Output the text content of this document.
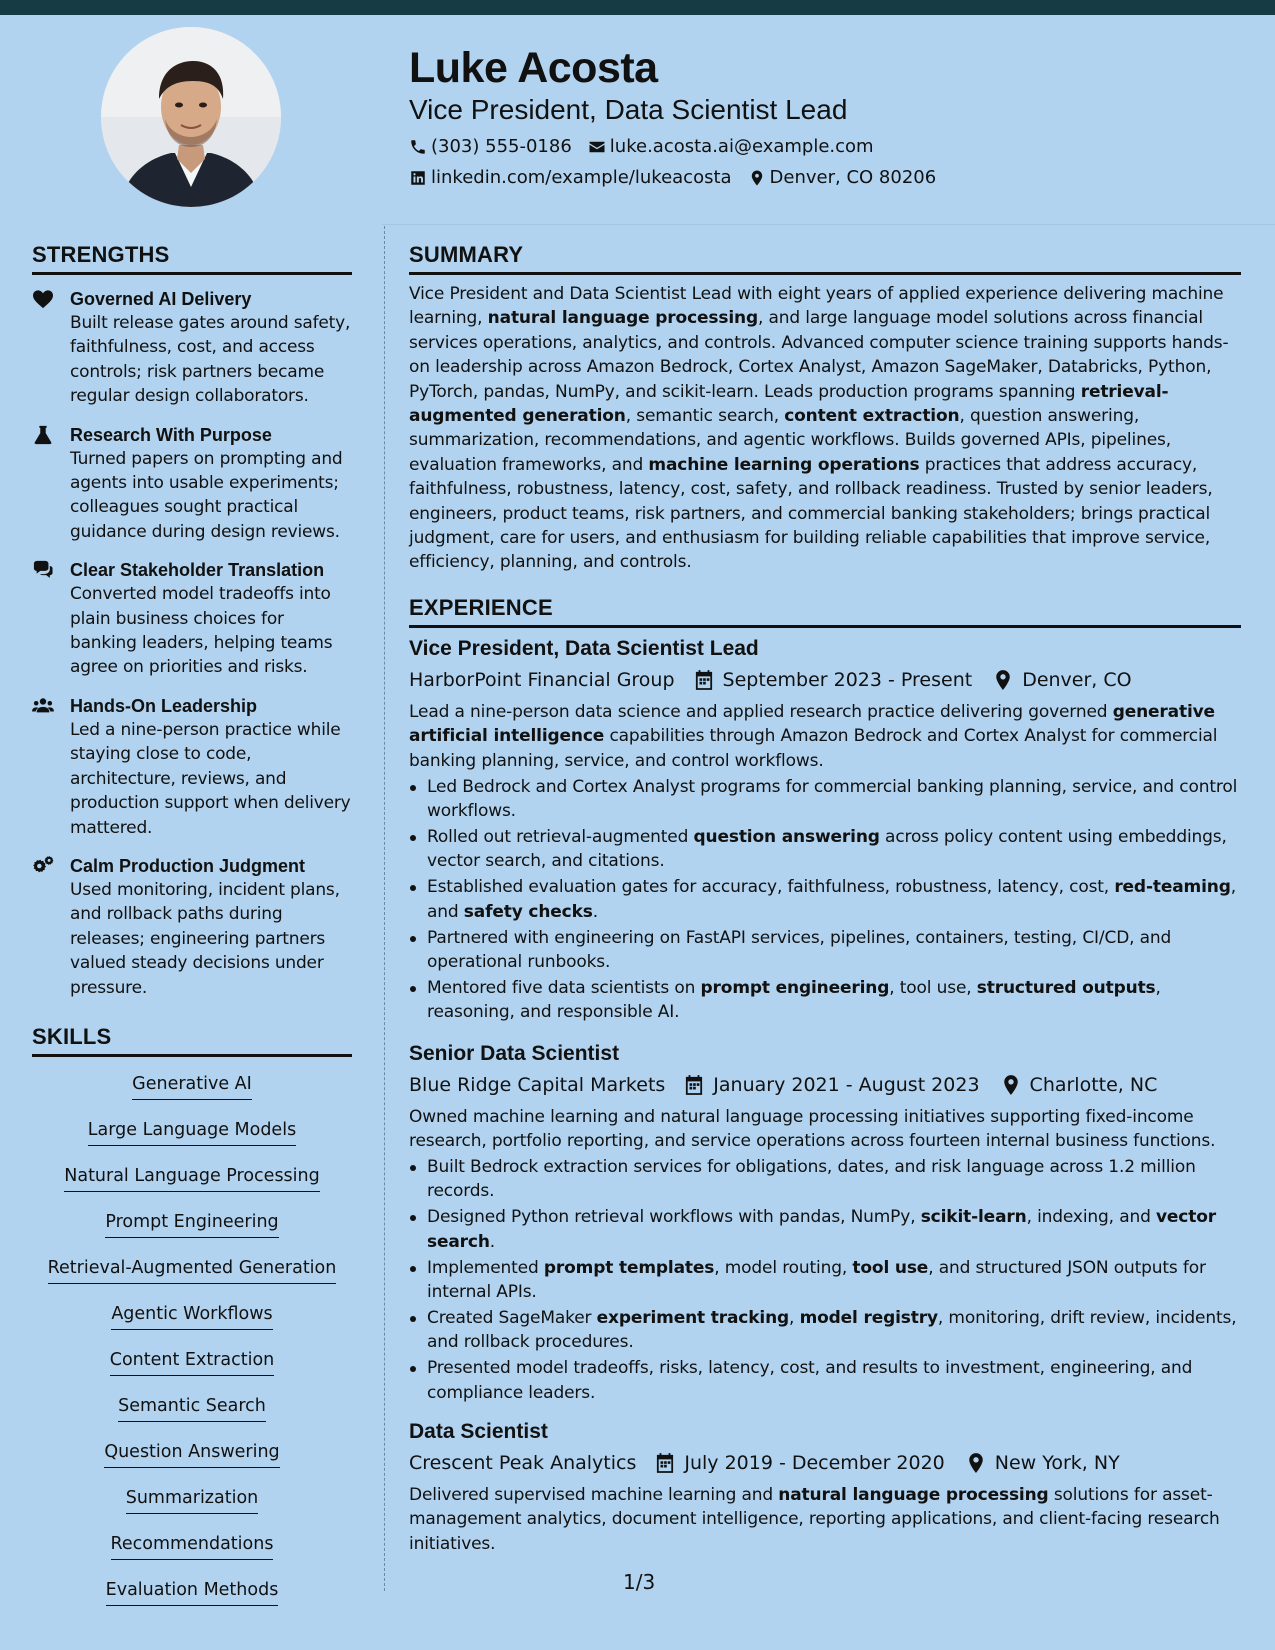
Luke Acosta
Vice President, Data Scientist Lead
(303) 555-0186 luke.acosta.ai@example.com
linkedin.com/example/lukeacosta Denver, CO 80206
STRENGTHS
Governed AI Delivery
Built release gates around safety, faithfulness, cost, and access controls; risk partners became regular design collaborators.
Research With Purpose
Turned papers on prompting and agents into usable experiments; colleagues sought practical guidance during design reviews.
Clear Stakeholder Translation
Converted model tradeoffs into plain business choices for banking leaders, helping teams agree on priorities and risks.
Hands-On Leadership
Led a nine-person practice while staying close to code, architecture, reviews, and production support when delivery mattered.
Calm Production Judgment
Used monitoring, incident plans, and rollback paths during releases; engineering partners valued steady decisions under pressure.
SKILLS
Generative AI
Large Language Models
Natural Language Processing
Prompt Engineering
Retrieval-Augmented Generation
Agentic Workflows
Content Extraction
Semantic Search
Question Answering
Summarization
Recommendations
Evaluation Methods
SUMMARY
Vice President and Data Scientist Lead with eight years of applied experience delivering machine learning, natural language processing, and large language model solutions across financial services operations, analytics, and controls. Advanced computer science training supports hands-on leadership across Amazon Bedrock, Cortex Analyst, Amazon SageMaker, Databricks, Python, PyTorch, pandas, NumPy, and scikit-learn. Leads production programs spanning retrieval-augmented generation, semantic search, content extraction, question answering, summarization, recommendations, and agentic workflows. Builds governed APIs, pipelines, evaluation frameworks, and machine learning operations practices that address accuracy, faithfulness, robustness, latency, cost, safety, and rollback readiness. Trusted by senior leaders, engineers, product teams, risk partners, and commercial banking stakeholders; brings practical judgment, care for users, and enthusiasm for building reliable capabilities that improve service, efficiency, planning, and controls.
EXPERIENCE
Vice President, Data Scientist Lead
HarborPoint Financial Group	September 2023 - Present	Denver, CO
Lead a nine-person data science and applied research practice delivering governed generative artificial intelligence capabilities through Amazon Bedrock and Cortex Analyst for commercial banking planning, service, and control workflows.
Led Bedrock and Cortex Analyst programs for commercial banking planning, service, and control workflows.
Rolled out retrieval-augmented question answering across policy content using embeddings, vector search, and citations.
Established evaluation gates for accuracy, faithfulness, robustness, latency, cost, red-teaming, and safety checks.
Partnered with engineering on FastAPI services, pipelines, containers, testing, CI/CD, and operational runbooks.
Mentored five data scientists on prompt engineering, tool use, structured outputs, reasoning, and responsible AI.
Senior Data Scientist
Blue Ridge Capital Markets	January 2021 - August 2023	Charlotte, NC
Owned machine learning and natural language processing initiatives supporting fixed-income research, portfolio reporting, and service operations across fourteen internal business functions.
Built Bedrock extraction services for obligations, dates, and risk language across 1.2 million records.
Designed Python retrieval workflows with pandas, NumPy, scikit-learn, indexing, and vector search.
Implemented prompt templates, model routing, tool use, and structured JSON outputs for internal APIs.
Created SageMaker experiment tracking, model registry, monitoring, drift review, incidents, and rollback procedures.
Presented model tradeoffs, risks, latency, cost, and results to investment, engineering, and compliance leaders.
Data Scientist
Crescent Peak Analytics	July 2019 - December 2020	New York, NY
Delivered supervised machine learning and natural language processing solutions for asset-management analytics, document intelligence, reporting applications, and client-facing research initiatives.
1/3
